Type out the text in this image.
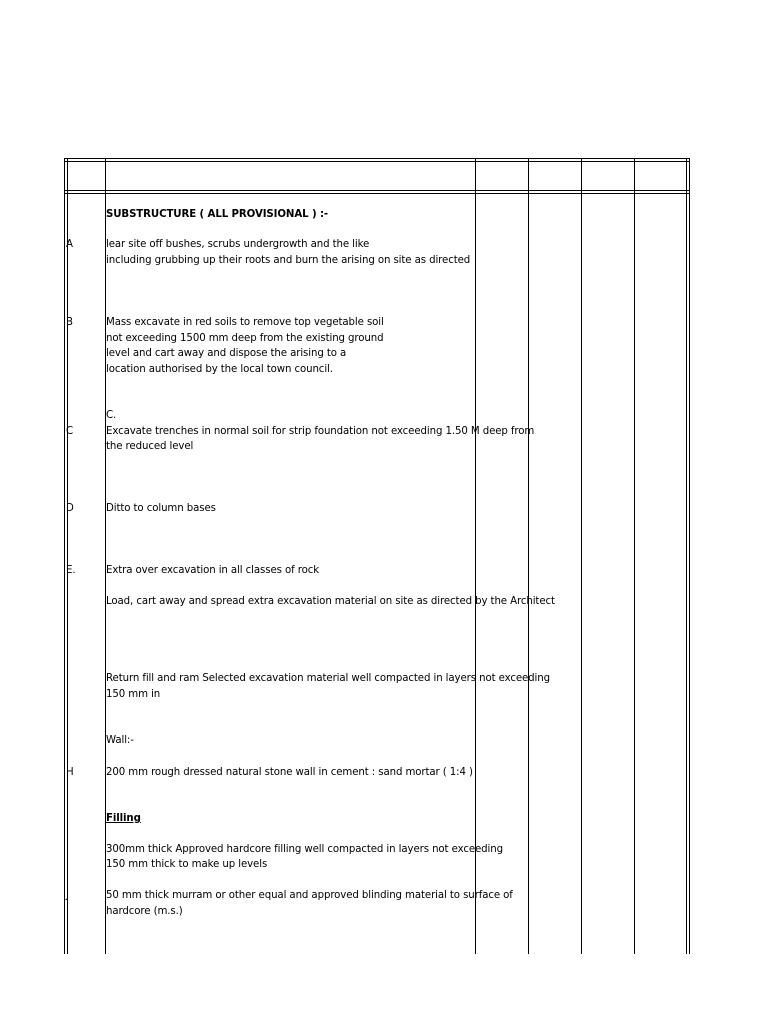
SUBSTRUCTURE ( ALL PROVISIONAL ) :-
A	lear site off bushes, scrubs undergrowth and the like
including grubbing up their roots and burn the arising on site as directed
B	Mass excavate in red soils to remove top vegetable soil
not exceeding 1500 mm deep from the existing ground
level and cart away and dispose the arising to a
location authorised by the local town council.
C.
C	Excavate trenches in normal soil for strip foundation not exceeding 1.50 M deep from
the reduced level
D	Ditto to column bases
E.	Extra over excavation in all classes of rock
Load, cart away and spread extra excavation material on site as directed by the Architect
Return fill and ram Selected excavation material well compacted in layers not exceeding
150 mm in
Wall:-
H	200 mm rough dressed natural stone wall in cement : sand mortar ( 1:4 )
Filling
I	300mm thick Approved hardcore filling well compacted in layers not exceeding
150 mm thick to make up levels
J	50 mm thick murram or other equal and approved blinding material to surface of
hardcore (m.s.)
